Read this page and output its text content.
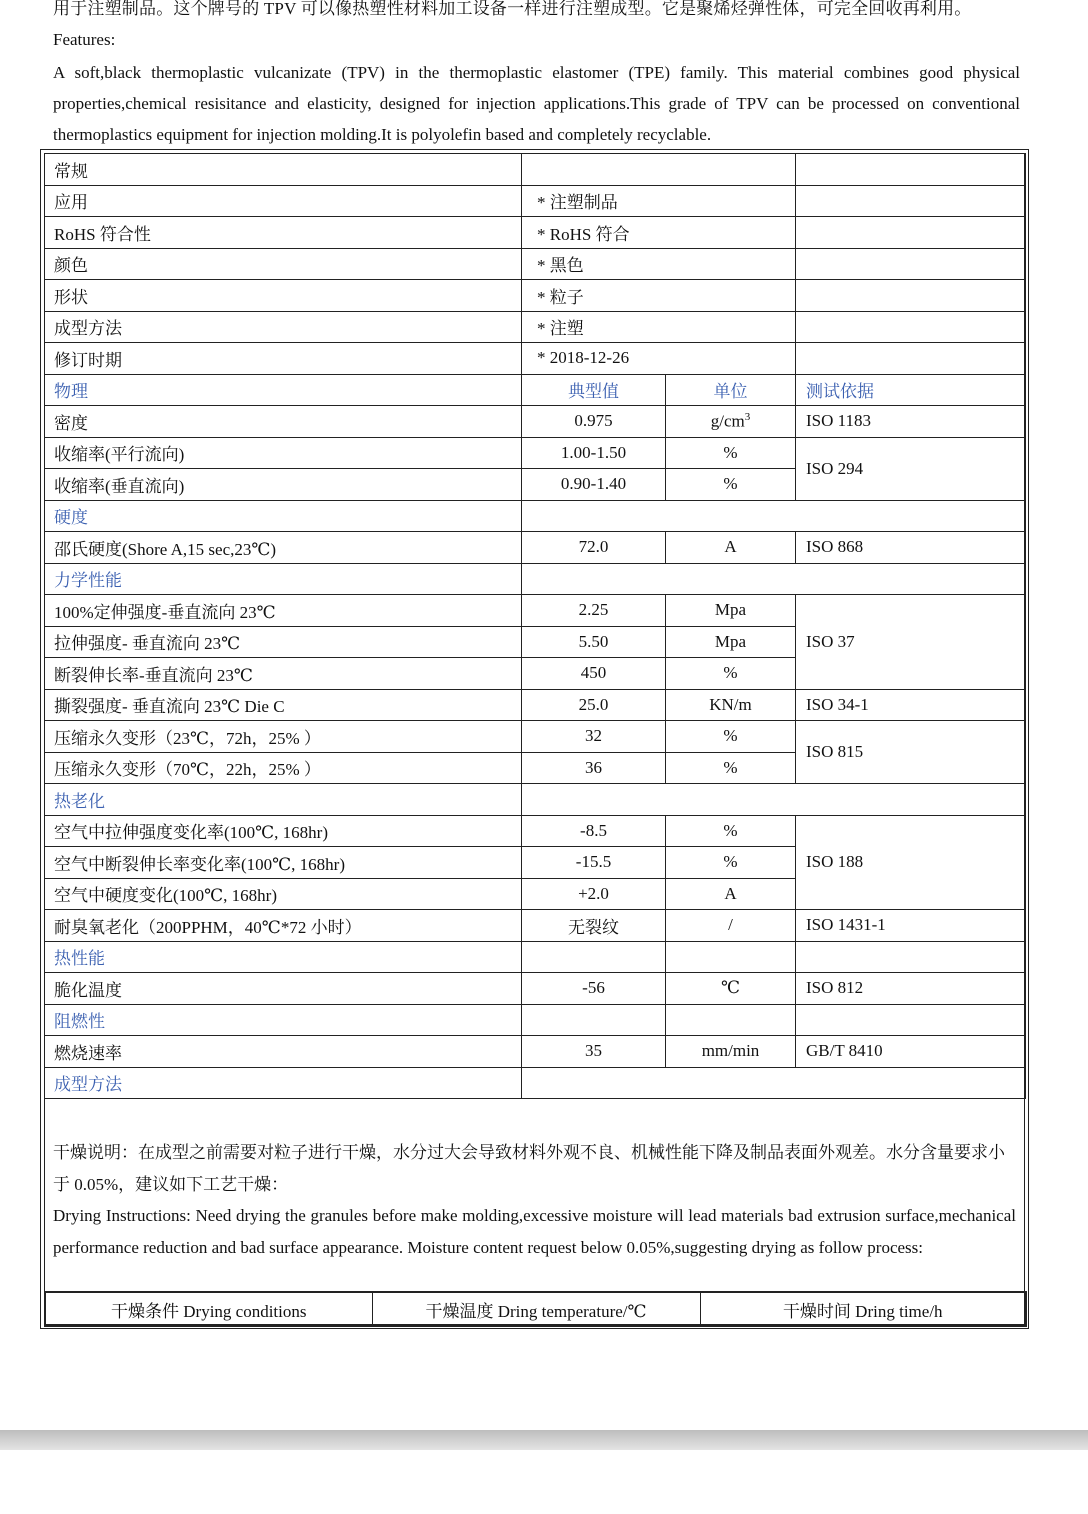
用于注塑制品。这个牌号的 TPV 可以像热塑性材料加工设备一样进行注塑成型。它是聚烯烃弹性体，可完全回收再利用。
Features:
A soft,black thermoplastic vulcanizate (TPV) in the thermoplastic elastomer (TPE) family. This material combines good physical properties,chemical resisitance and elasticity, designed for injection applications.This grade of TPV can be processed on conventional thermoplastics equipment for injection molding.It is polyolefin based and completely recyclable.
常规			
应用	* 注塑制品		
RoHS 符合性	* RoHS 符合		
颜色	* 黑色		
形状	* 粒子		
成型方法	* 注塑		
修订时期	* 2018-12-26		
物理	典型值	单位	测试依据
密度	0.975	$g/cm^3$	ISO 1183
收缩率(平行流向)	1.00-1.50	%	ISO 294
收缩率(垂直流向)	0.90-1.40	%	
硬度			
邵氏硬度(Shore A,15 sec,23℃)	72.0	A	ISO 868
力学性能			
100%定伸强度-垂直流向 23℃	2.25	Mpa	ISO 37
拉伸强度- 垂直流向 23℃	5.50	Mpa	
断裂伸长率-垂直流向 23℃	450	%	
撕裂强度- 垂直流向 23℃ Die C	25.0	KN/m	ISO 34-1
压缩永久变形（23℃，72h，25% ）	32	%	ISO 815
压缩永久变形（70℃，22h，25% ）	36	%	
热老化			
空气中拉伸强度变化率(100℃, 168hr)	-8.5	%	ISO 188
空气中断裂伸长率变化率(100℃, 168hr)	-15.5	%	
空气中硬度变化(100℃, 168hr)	+2.0	A	
耐臭氧老化（200PPHM，40℃*72 小时）	无裂纹	/	ISO 1431-1
热性能			
脆化温度	-56	℃	ISO 812
阻燃性			
燃烧速率	35	mm/min	GB/T 8410
成型方法			
干燥说明：在成型之前需要对粒子进行干燥，水分过大会导致材料外观不良、机械性能下降及制品表面外观差。水分含量要求小于 0.05%，建议如下工艺干燥：
Drying Instructions: Need drying the granules before make molding,excessive moisture will lead materials bad extrusion surface,mechanical performance reduction and bad surface appearance. Moisture content request below 0.05%,suggesting drying as follow process:
干燥条件 Drying conditions	干燥温度 Dring temperature/℃	干燥时间 Dring time/h
